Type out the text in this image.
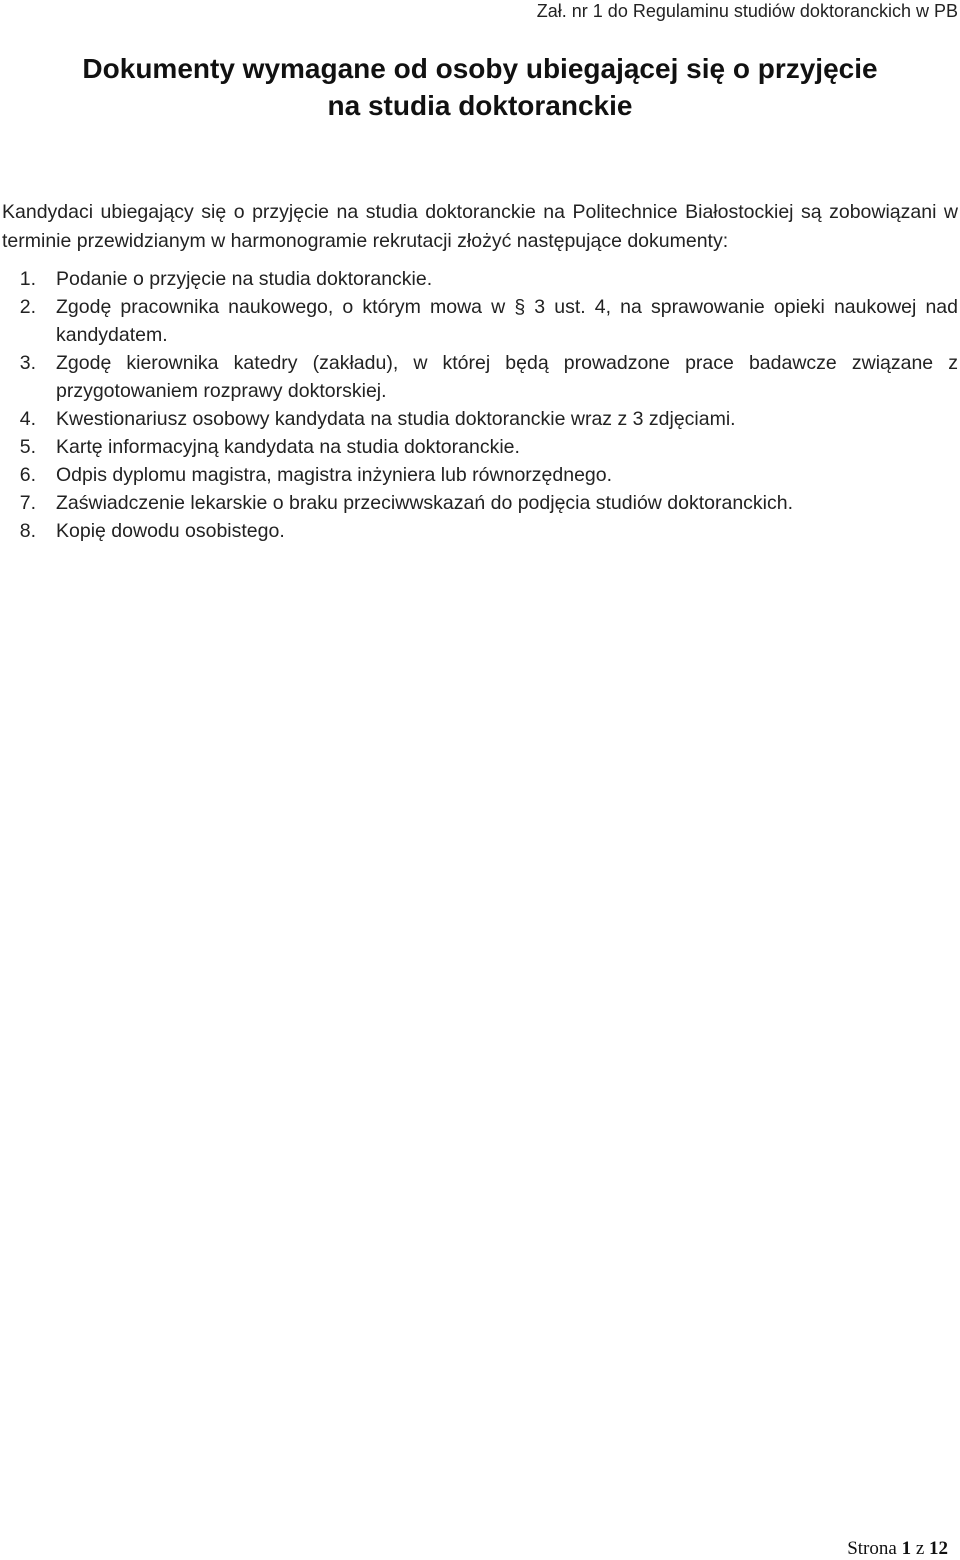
Zał. nr 1 do Regulaminu studiów doktoranckich w PB
Dokumenty wymagane od osoby ubiegającej się o przyjęcie
na studia doktoranckie

Kandydaci ubiegający się o przyjęcie na studia doktoranckie na Politechnice Białostockiej są zobowiązani w terminie przewidzianym w harmonogramie rekrutacji złożyć następujące dokumenty:

1. Podanie o przyjęcie na studia doktoranckie.
2. Zgodę pracownika naukowego, o którym mowa w § 3 ust. 4, na sprawowanie opieki naukowej nad kandydatem.
3. Zgodę kierownika katedry (zakładu), w której będą prowadzone prace badawcze związane z przygotowaniem rozprawy doktorskiej.
4. Kwestionariusz osobowy kandydata na studia doktoranckie wraz z 3 zdjęciami.
5. Kartę informacyjną kandydata na studia doktoranckie.
6. Odpis dyplomu magistra, magistra inżyniera lub równorzędnego.
7. Zaświadczenie lekarskie o braku przeciwwskazań do podjęcia studiów doktoranckich.
8. Kopię dowodu osobistego.
Strona 1 z 12
